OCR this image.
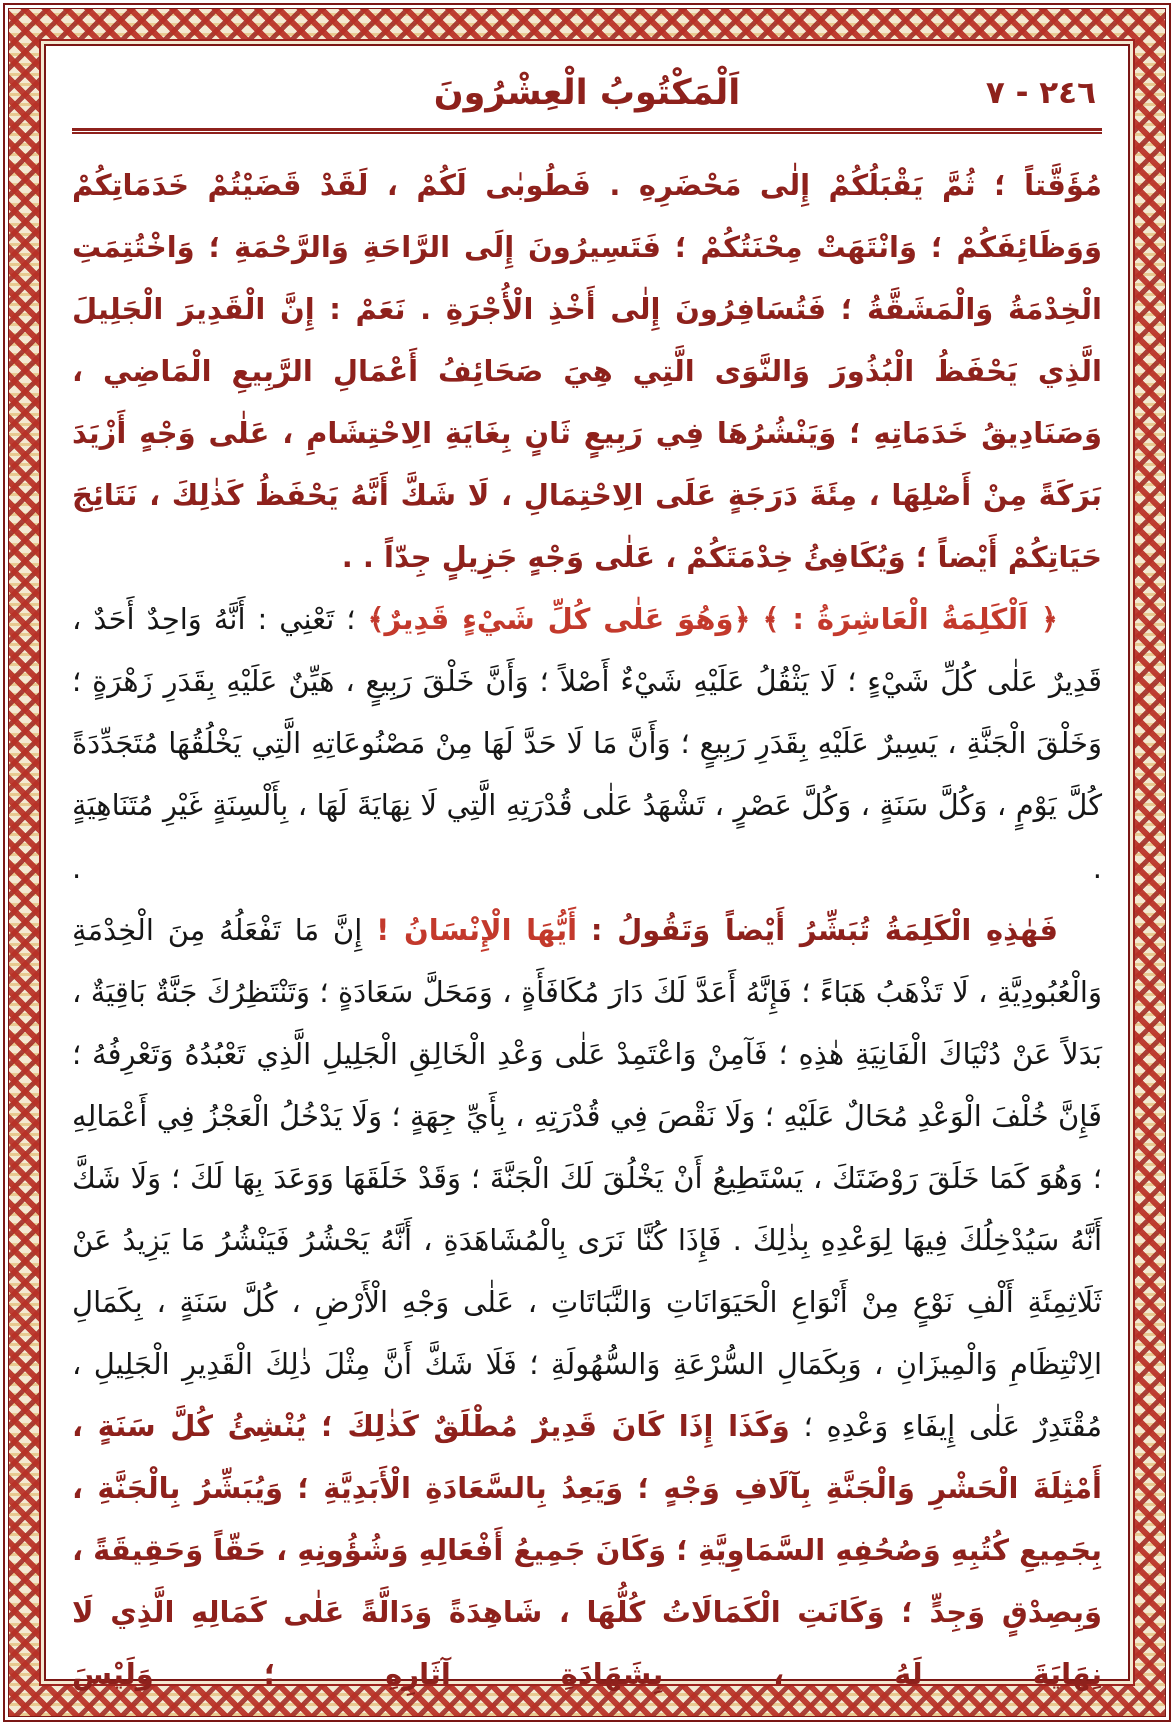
٢٤٦ - ٧
اَلْمَكْتُوبُ الْعِشْرُونَ

مُؤَقَّتاً ؛ ثُمَّ يَقْبَلُكُمْ إِلٰى مَحْضَرِهِ . فَطُوبٰى لَكُمْ ، لَقَدْ قَضَيْتُمْ خَدَمَاتِكُمْ وَوَظَائِفَكُمْ ؛ وَانْتَهَتْ مِحْنَتُكُمْ ؛ فَتَسِيرُونَ إِلَى الرَّاحَةِ وَالرَّحْمَةِ ؛ وَاخْتُتِمَتِ الْخِدْمَةُ وَالْمَشَقَّةُ ؛ فَتُسَافِرُونَ إِلٰى أَخْذِ الْأُجْرَةِ . نَعَمْ : إِنَّ الْقَدِيرَ الْجَلِيلَ الَّذِي يَحْفَظُ الْبُذُورَ وَالنَّوَى الَّتِي هِيَ صَحَائِفُ أَعْمَالِ الرَّبِيعِ الْمَاضِي ، وَصَنَادِيقُ خَدَمَاتِهِ ؛ وَيَنْشُرُهَا فِي رَبِيعٍ ثَانٍ بِغَايَةِ الِاحْتِشَامِ ، عَلٰى وَجْهٍ أَزْيَدَ بَرَكَةً مِنْ أَصْلِهَا ، مِئَةَ دَرَجَةٍ عَلَى الِاحْتِمَالِ ، لَا شَكَّ أَنَّهُ يَحْفَظُ كَذٰلِكَ ، نَتَائِجَ حَيَاتِكُمْ أَيْضاً ؛ وَيُكَافِئُ خِدْمَتَكُمْ ، عَلٰى وَجْهٍ جَزِيلٍ جِدّاً . .

﴿ اَلْكَلِمَةُ الْعَاشِرَةُ : ﴾ ﴿وَهُوَ عَلٰى كُلِّ شَيْءٍ قَدِيرٌ﴾ ؛ تَعْنِي : أَنَّهُ وَاحِدٌ أَحَدٌ ، قَدِيرٌ عَلٰى كُلِّ شَيْءٍ ؛ لَا يَثْقُلُ عَلَيْهِ شَيْءٌ أَصْلاً ؛ وَأَنَّ خَلْقَ رَبِيعٍ ، هَيِّنٌ عَلَيْهِ بِقَدَرِ زَهْرَةٍ ؛ وَخَلْقَ الْجَنَّةِ ، يَسِيرٌ عَلَيْهِ بِقَدَرِ رَبِيعٍ ؛ وَأَنَّ مَا لَا حَدَّ لَهَا مِنْ مَصْنُوعَاتِهِ الَّتِي يَخْلُقُهَا مُتَجَدِّدَةً كُلَّ يَوْمٍ ، وَكُلَّ سَنَةٍ ، وَكُلَّ عَصْرٍ ، تَشْهَدُ عَلٰى قُدْرَتِهِ الَّتِي لَا نِهَايَةَ لَهَا ، بِأَلْسِنَةٍ غَيْرِ مُتَنَاهِيَةٍ . .

فَهٰذِهِ الْكَلِمَةُ تُبَشِّرُ أَيْضاً وَتَقُولُ : أَيُّهَا الْإِنْسَانُ ! إِنَّ مَا تَفْعَلُهُ مِنَ الْخِدْمَةِ وَالْعُبُودِيَّةِ ، لَا تَذْهَبُ هَبَاءً ؛ فَإِنَّهُ أَعَدَّ لَكَ دَارَ مُكَافَأَةٍ ، وَمَحَلَّ سَعَادَةٍ ؛ وَتَنْتَظِرُكَ جَنَّةٌ بَاقِيَةٌ ، بَدَلاً عَنْ دُنْيَاكَ الْفَانِيَةِ هٰذِهِ ؛ فَآمِنْ وَاعْتَمِدْ عَلٰى وَعْدِ الْخَالِقِ الْجَلِيلِ الَّذِي تَعْبُدُهُ وَتَعْرِفُهُ ؛ فَإِنَّ خُلْفَ الْوَعْدِ مُحَالٌ عَلَيْهِ ؛ وَلَا نَقْصَ فِي قُدْرَتِهِ ، بِأَيِّ جِهَةٍ ؛ وَلَا يَدْخُلُ الْعَجْزُ فِي أَعْمَالِهِ ؛ وَهُوَ كَمَا خَلَقَ رَوْضَتَكَ ، يَسْتَطِيعُ أَنْ يَخْلُقَ لَكَ الْجَنَّةَ ؛ وَقَدْ خَلَقَهَا وَوَعَدَ بِهَا لَكَ ؛ وَلَا شَكَّ أَنَّهُ سَيُدْخِلُكَ فِيهَا لِوَعْدِهِ بِذٰلِكَ . فَإِذَا كُنَّا نَرَى بِالْمُشَاهَدَةِ ، أَنَّهُ يَحْشُرُ فَيَنْشُرُ مَا يَزِيدُ عَنْ ثَلَاثِمِئَةِ أَلْفِ نَوْعٍ مِنْ أَنْوَاعِ الْحَيَوَانَاتِ وَالنَّبَاتَاتِ ، عَلٰى وَجْهِ الْأَرْضِ ، كُلَّ سَنَةٍ ، بِكَمَالِ الِانْتِظَامِ وَالْمِيزَانِ ، وَبِكَمَالِ السُّرْعَةِ وَالسُّهُولَةِ ؛ فَلَا شَكَّ أَنَّ مِثْلَ ذٰلِكَ الْقَدِيرِ الْجَلِيلِ ، مُقْتَدِرٌ عَلٰى إِيفَاءِ وَعْدِهِ ؛ وَكَذَا إِذَا كَانَ قَدِيرٌ مُطْلَقٌ كَذٰلِكَ ؛ يُنْشِئُ كُلَّ سَنَةٍ ، أَمْثِلَةَ الْحَشْرِ وَالْجَنَّةِ بِآلَافِ وَجْهٍ ؛ وَيَعِدُ بِالسَّعَادَةِ الْأَبَدِيَّةِ ؛ وَيُبَشِّرُ بِالْجَنَّةِ ، بِجَمِيعِ كُتُبِهِ وَصُحُفِهِ السَّمَاوِيَّةِ ؛ وَكَانَ جَمِيعُ أَفْعَالِهِ وَشُؤُونِهِ ، حَقّاً وَحَقِيقَةً ، وَبِصِدْقٍ وَجِدٍّ ؛ وَكَانَتِ الْكَمَالَاتُ كُلُّهَا ، شَاهِدَةً وَدَالَّةً عَلٰى كَمَالِهِ الَّذِي لَا نِهَايَةَ لَهُ ، بِشَهَادَةِ آثَارِهِ ؛ وَلَيْسَ
